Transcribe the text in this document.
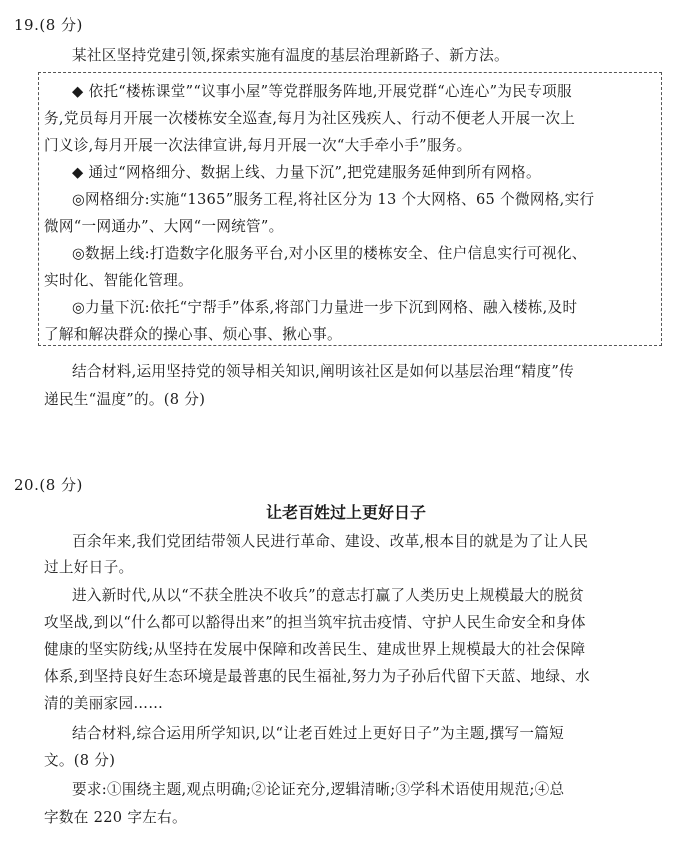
19.(8 分)
某社区坚持党建引领,探索实施有温度的基层治理新路子、新方法。
◆ 依托“楼栋课堂”“议事小屋”等党群服务阵地,开展党群“心连心”为民专项服
务,党员每月开展一次楼栋安全巡查,每月为社区残疾人、行动不便老人开展一次上
门义诊,每月开展一次法律宣讲,每月开展一次“大手牵小手”服务。
◆ 通过“网格细分、数据上线、力量下沉”,把党建服务延伸到所有网格。
◎网格细分:实施“1365”服务工程,将社区分为 13 个大网格、65 个微网格,实行
微网“一网通办”、大网“一网统管”。
◎数据上线:打造数字化服务平台,对小区里的楼栋安全、住户信息实行可视化、
实时化、智能化管理。
◎力量下沉:依托“宁帮手”体系,将部门力量进一步下沉到网格、融入楼栋,及时
了解和解决群众的操心事、烦心事、揪心事。
结合材料,运用坚持党的领导相关知识,阐明该社区是如何以基层治理“精度”传
递民生“温度”的。(8 分)
20.(8 分)
让老百姓过上更好日子
百余年来,我们党团结带领人民进行革命、建设、改革,根本目的就是为了让人民
过上好日子。
进入新时代,从以“不获全胜决不收兵”的意志打赢了人类历史上规模最大的脱贫
攻坚战,到以“什么都可以豁得出来”的担当筑牢抗击疫情、守护人民生命安全和身体
健康的坚实防线;从坚持在发展中保障和改善民生、建成世界上规模最大的社会保障
体系,到坚持良好生态环境是最普惠的民生福祉,努力为子孙后代留下天蓝、地绿、水
清的美丽家园……
结合材料,综合运用所学知识,以“让老百姓过上更好日子”为主题,撰写一篇短
文。(8 分)
要求:①围绕主题,观点明确;②论证充分,逻辑清晰;③学科术语使用规范;④总
字数在 220 字左右。
